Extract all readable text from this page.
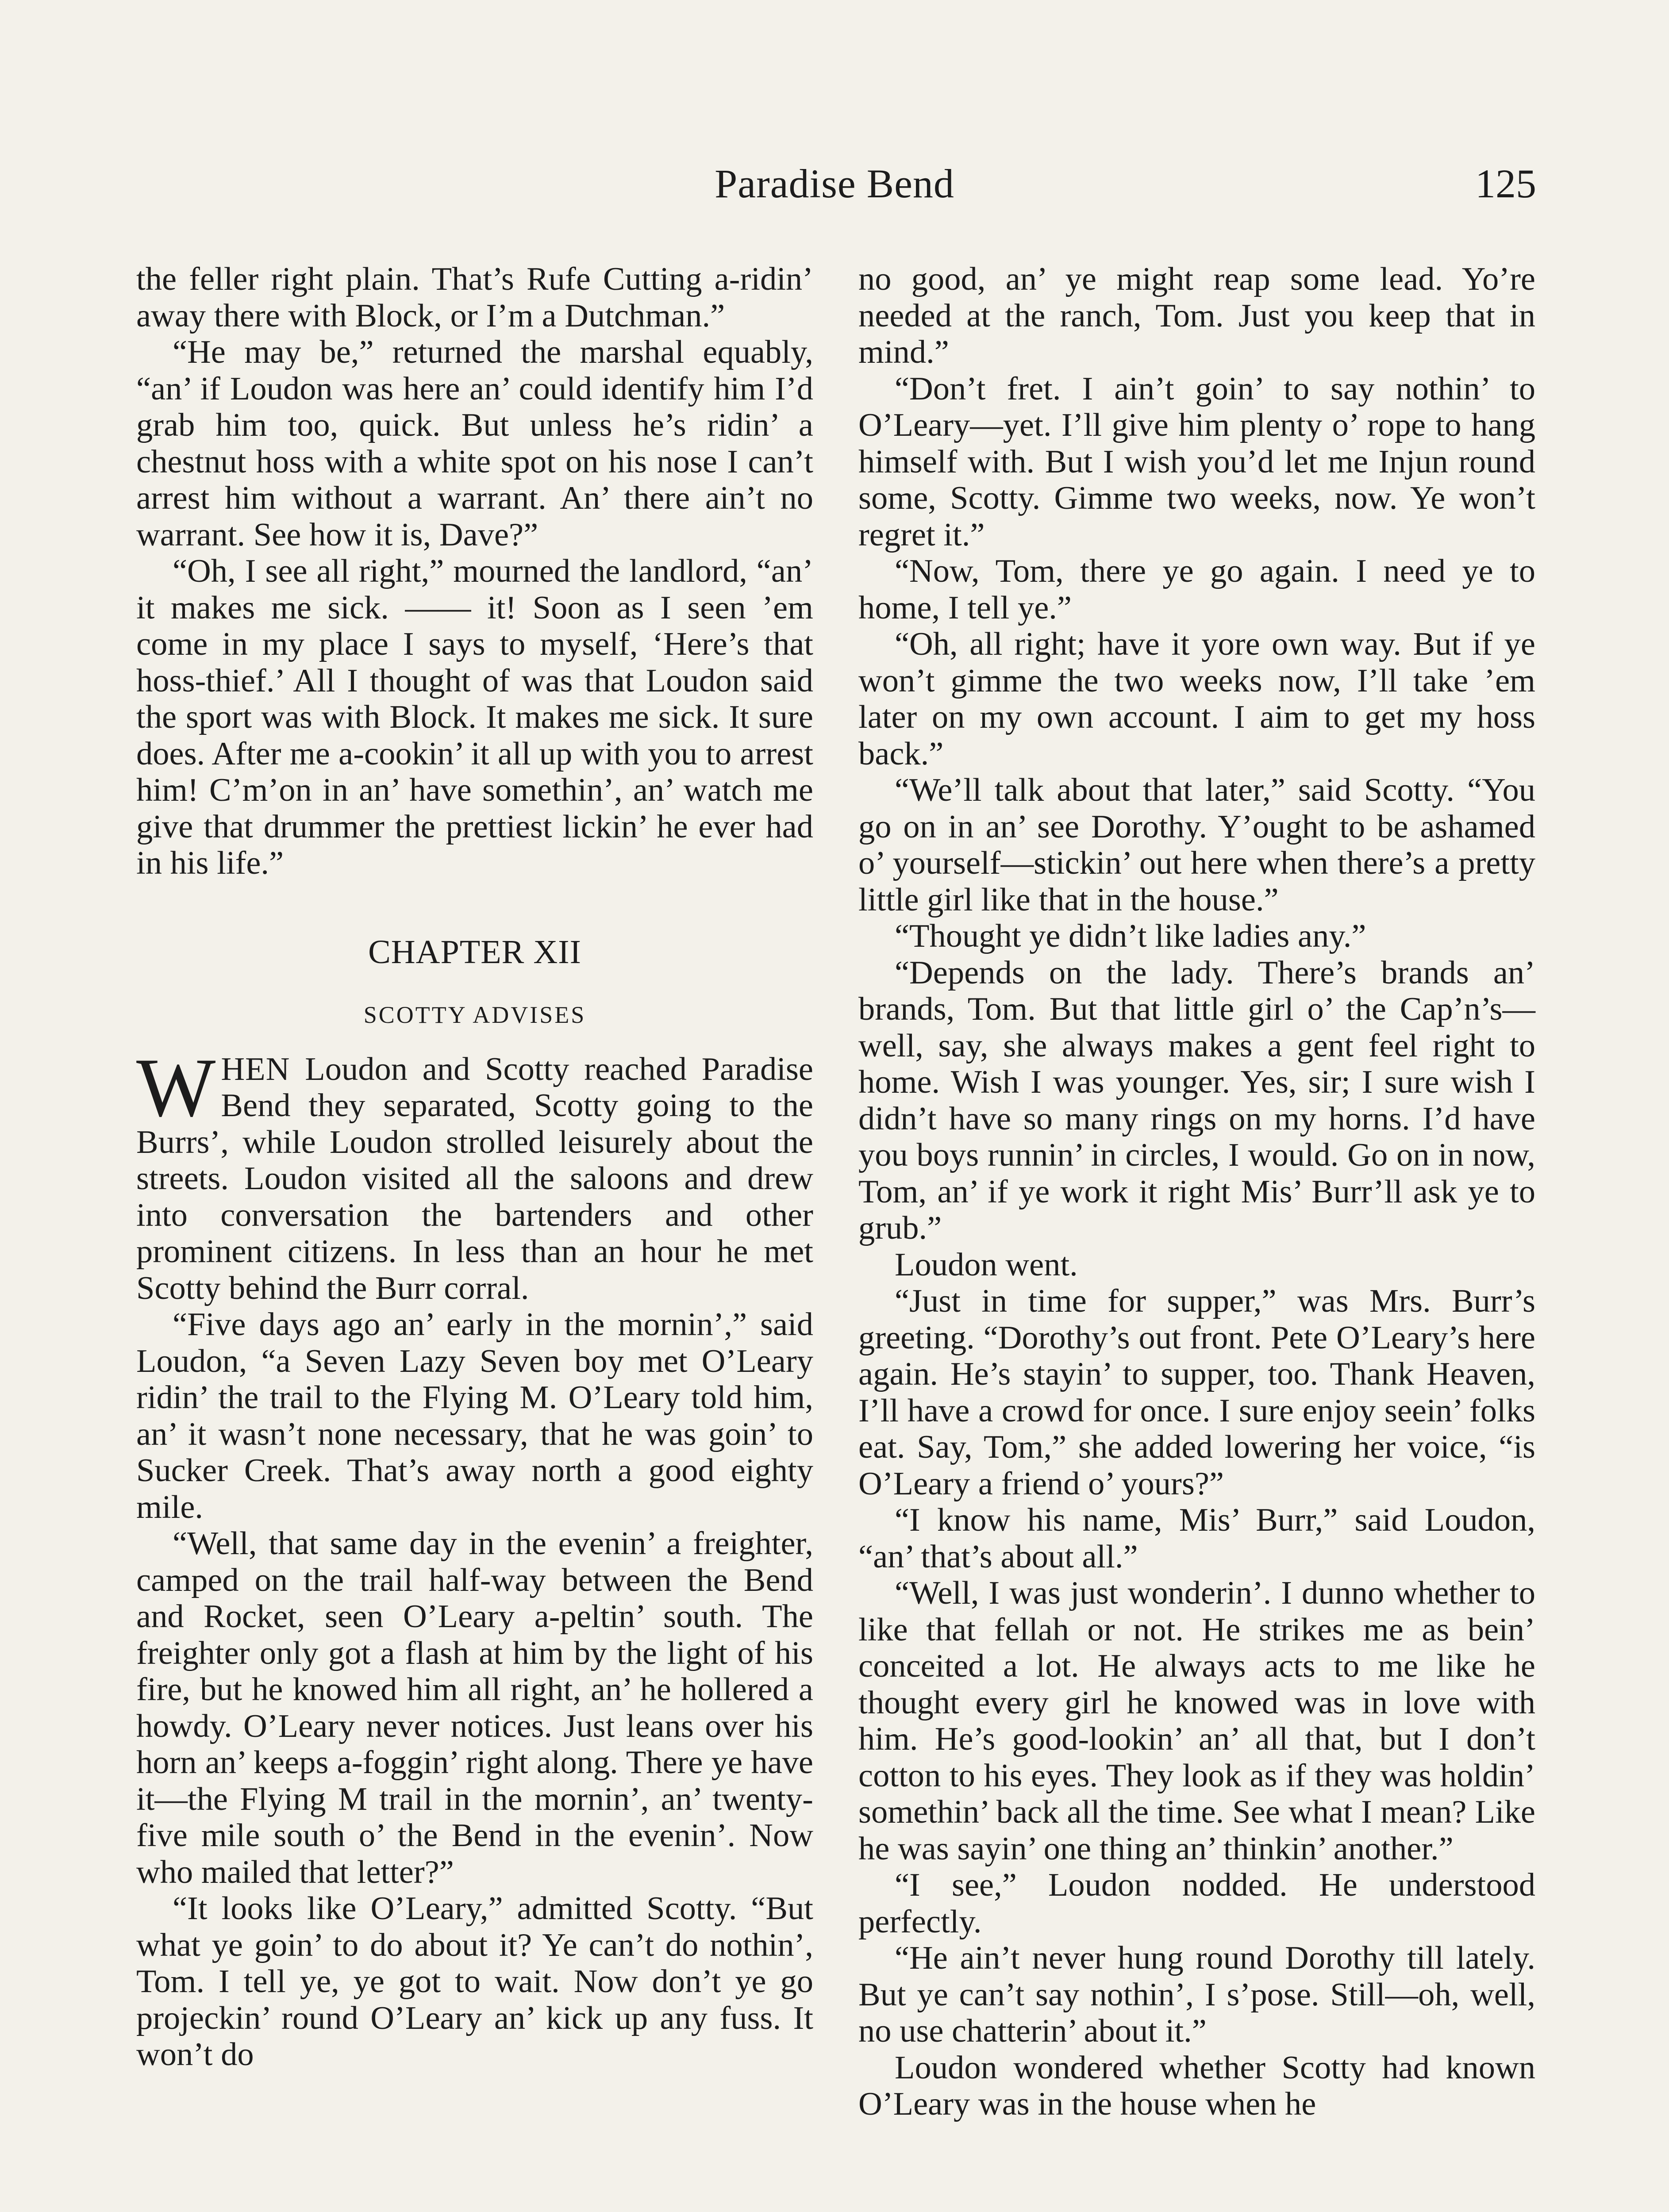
Paradise Bend	125

the feller right plain. That’s Rufe Cutting a-ridin’ away there with Block, or I’m a Dutchman.”

“He may be,” returned the marshal equably, “an’ if Loudon was here an’ could identify him I’d grab him too, quick. But unless he’s ridin’ a chestnut hoss with a white spot on his nose I can’t arrest him without a warrant. An’ there ain’t no warrant. See how it is, Dave?”

“Oh, I see all right,” mourned the landlord, “an’ it makes me sick. —— it! Soon as I seen ’em come in my place I says to myself, ‘Here’s that hoss-thief.’ All I thought of was that Loudon said the sport was with Block. It makes me sick. It sure does. After me a-cookin’ it all up with you to arrest him! C’m’on in an’ have somethin’, an’ watch me give that drummer the prettiest lickin’ he ever had in his life.”

CHAPTER XII
SCOTTY ADVISES

WHEN Loudon and Scotty reached Paradise Bend they separated, Scotty going to the Burrs’, while Loudon strolled leisurely about the streets. Loudon visited all the saloons and drew into conversation the bartenders and other prominent citizens. In less than an hour he met Scotty behind the Burr corral.

“Five days ago an’ early in the mornin’,” said Loudon, “a Seven Lazy Seven boy met O’Leary ridin’ the trail to the Flying M. O’Leary told him, an’ it wasn’t none necessary, that he was goin’ to Sucker Creek. That’s away north a good eighty mile.

“Well, that same day in the evenin’ a freighter, camped on the trail half-way between the Bend and Rocket, seen O’Leary a-peltin’ south. The freighter only got a flash at him by the light of his fire, but he knowed him all right, an’ he hollered a howdy. O’Leary never notices. Just leans over his horn an’ keeps a-foggin’ right along. There ye have it—the Flying M trail in the mornin’, an’ twenty-five mile south o’ the Bend in the evenin’. Now who mailed that letter?”

“It looks like O’Leary,” admitted Scotty. “But what ye goin’ to do about it? Ye can’t do nothin’, Tom. I tell ye, ye got to wait. Now don’t ye go projeckin’ round O’Leary an’ kick up any fuss. It won’t do

no good, an’ ye might reap some lead. Yo’re needed at the ranch, Tom. Just you keep that in mind.”

“Don’t fret. I ain’t goin’ to say nothin’ to O’Leary—yet. I’ll give him plenty o’ rope to hang himself with. But I wish you’d let me Injun round some, Scotty. Gimme two weeks, now. Ye won’t regret it.”

“Now, Tom, there ye go again. I need ye to home, I tell ye.”

“Oh, all right; have it yore own way. But if ye won’t gimme the two weeks now, I’ll take ’em later on my own account. I aim to get my hoss back.”

“We’ll talk about that later,” said Scotty. “You go on in an’ see Dorothy. Y’ought to be ashamed o’ yourself—stickin’ out here when there’s a pretty little girl like that in the house.”

“Thought ye didn’t like ladies any.”

“Depends on the lady. There’s brands an’ brands, Tom. But that little girl o’ the Cap’n’s—well, say, she always makes a gent feel right to home. Wish I was younger. Yes, sir; I sure wish I didn’t have so many rings on my horns. I’d have you boys runnin’ in circles, I would. Go on in now, Tom, an’ if ye work it right Mis’ Burr’ll ask ye to grub.”

Loudon went.

“Just in time for supper,” was Mrs. Burr’s greeting. “Dorothy’s out front. Pete O’Leary’s here again. He’s stayin’ to supper, too. Thank Heaven, I’ll have a crowd for once. I sure enjoy seein’ folks eat. Say, Tom,” she added lowering her voice, “is O’Leary a friend o’ yours?”

“I know his name, Mis’ Burr,” said Loudon, “an’ that’s about all.”

“Well, I was just wonderin’. I dunno whether to like that fellah or not. He strikes me as bein’ conceited a lot. He always acts to me like he thought every girl he knowed was in love with him. He’s good-lookin’ an’ all that, but I don’t cotton to his eyes. They look as if they was holdin’ somethin’ back all the time. See what I mean? Like he was sayin’ one thing an’ thinkin’ another.”

“I see,” Loudon nodded. He understood perfectly.

“He ain’t never hung round Dorothy till lately. But ye can’t say nothin’, I s’pose. Still—oh, well, no use chatterin’ about it.”

Loudon wondered whether Scotty had known O’Leary was in the house when he
